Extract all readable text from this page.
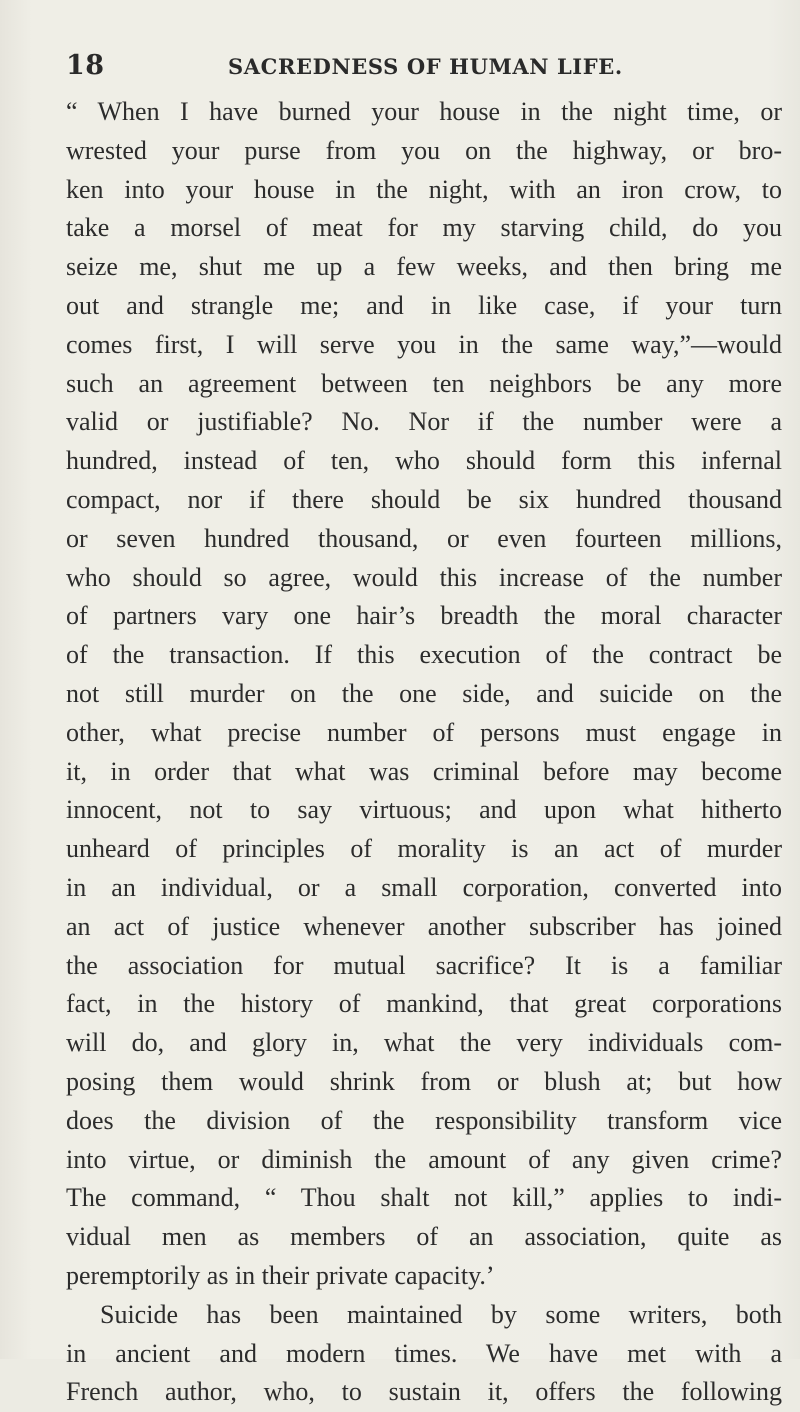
18	SACREDNESS OF HUMAN LIFE.
“ When I have burned your house in the night time, or
wrested your purse from you on the highway, or bro-
ken into your house in the night, with an iron crow, to
take a morsel of meat for my starving child, do you
seize me, shut me up a few weeks, and then bring me
out and strangle me; and in like case, if your turn
comes first, I will serve you in the same way,”—would
such an agreement between ten neighbors be any more
valid or justifiable? No. Nor if the number were a
hundred, instead of ten, who should form this infernal
compact, nor if there should be six hundred thousand
or seven hundred thousand, or even fourteen millions,
who should so agree, would this increase of the number
of partners vary one hair’s breadth the moral character
of the transaction. If this execution of the contract be
not still murder on the one side, and suicide on the
other, what precise number of persons must engage in
it, in order that what was criminal before may become
innocent, not to say virtuous; and upon what hitherto
unheard of principles of morality is an act of murder
in an individual, or a small corporation, converted into
an act of justice whenever another subscriber has joined
the association for mutual sacrifice? It is a familiar
fact, in the history of mankind, that great corporations
will do, and glory in, what the very individuals com-
posing them would shrink from or blush at; but how
does the division of the responsibility transform vice
into virtue, or diminish the amount of any given crime?
The command, “ Thou shalt not kill,” applies to indi-
vidual men as members of an association, quite as
peremptorily as in their private capacity.’
Suicide has been maintained by some writers, both
in ancient and modern times. We have met with a
French author, who, to sustain it, offers the following
